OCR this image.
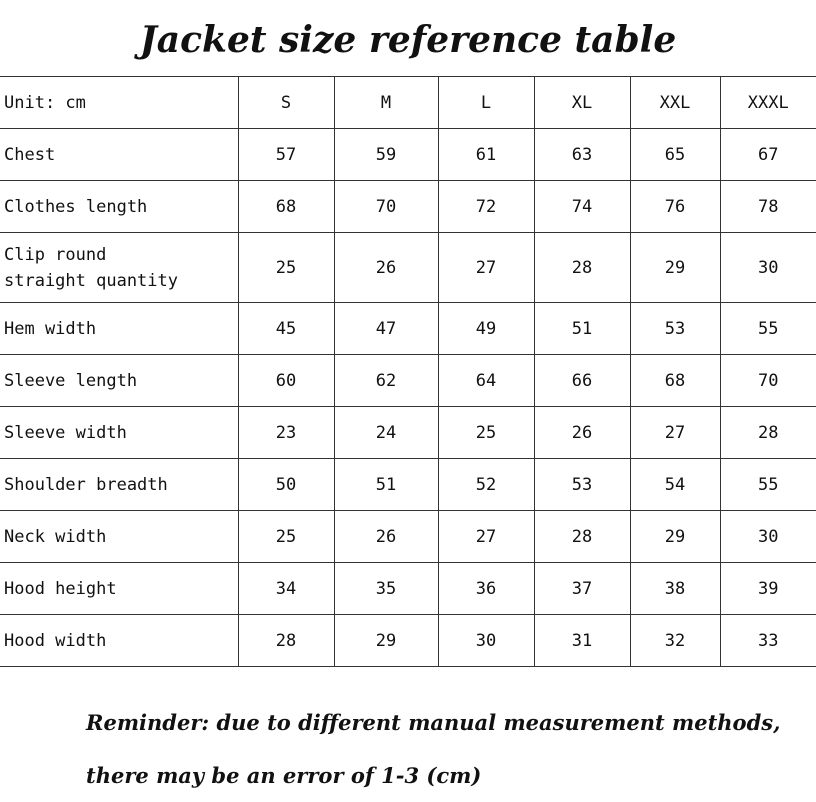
Jacket size reference table
Unit: cm	S	M	L	XL	XXL	XXXL
Chest	57	59	61	63	65	67
Clothes length	68	70	72	74	76	78
Clip round straight quantity	25	26	27	28	29	30
Hem width	45	47	49	51	53	55
Sleeve length	60	62	64	66	68	70
Sleeve width	23	24	25	26	27	28
Shoulder breadth	50	51	52	53	54	55
Neck width	25	26	27	28	29	30
Hood height	34	35	36	37	38	39
Hood width	28	29	30	31	32	33

Reminder: due to different manual measurement methods,
there may be an error of 1-3 (cm)
